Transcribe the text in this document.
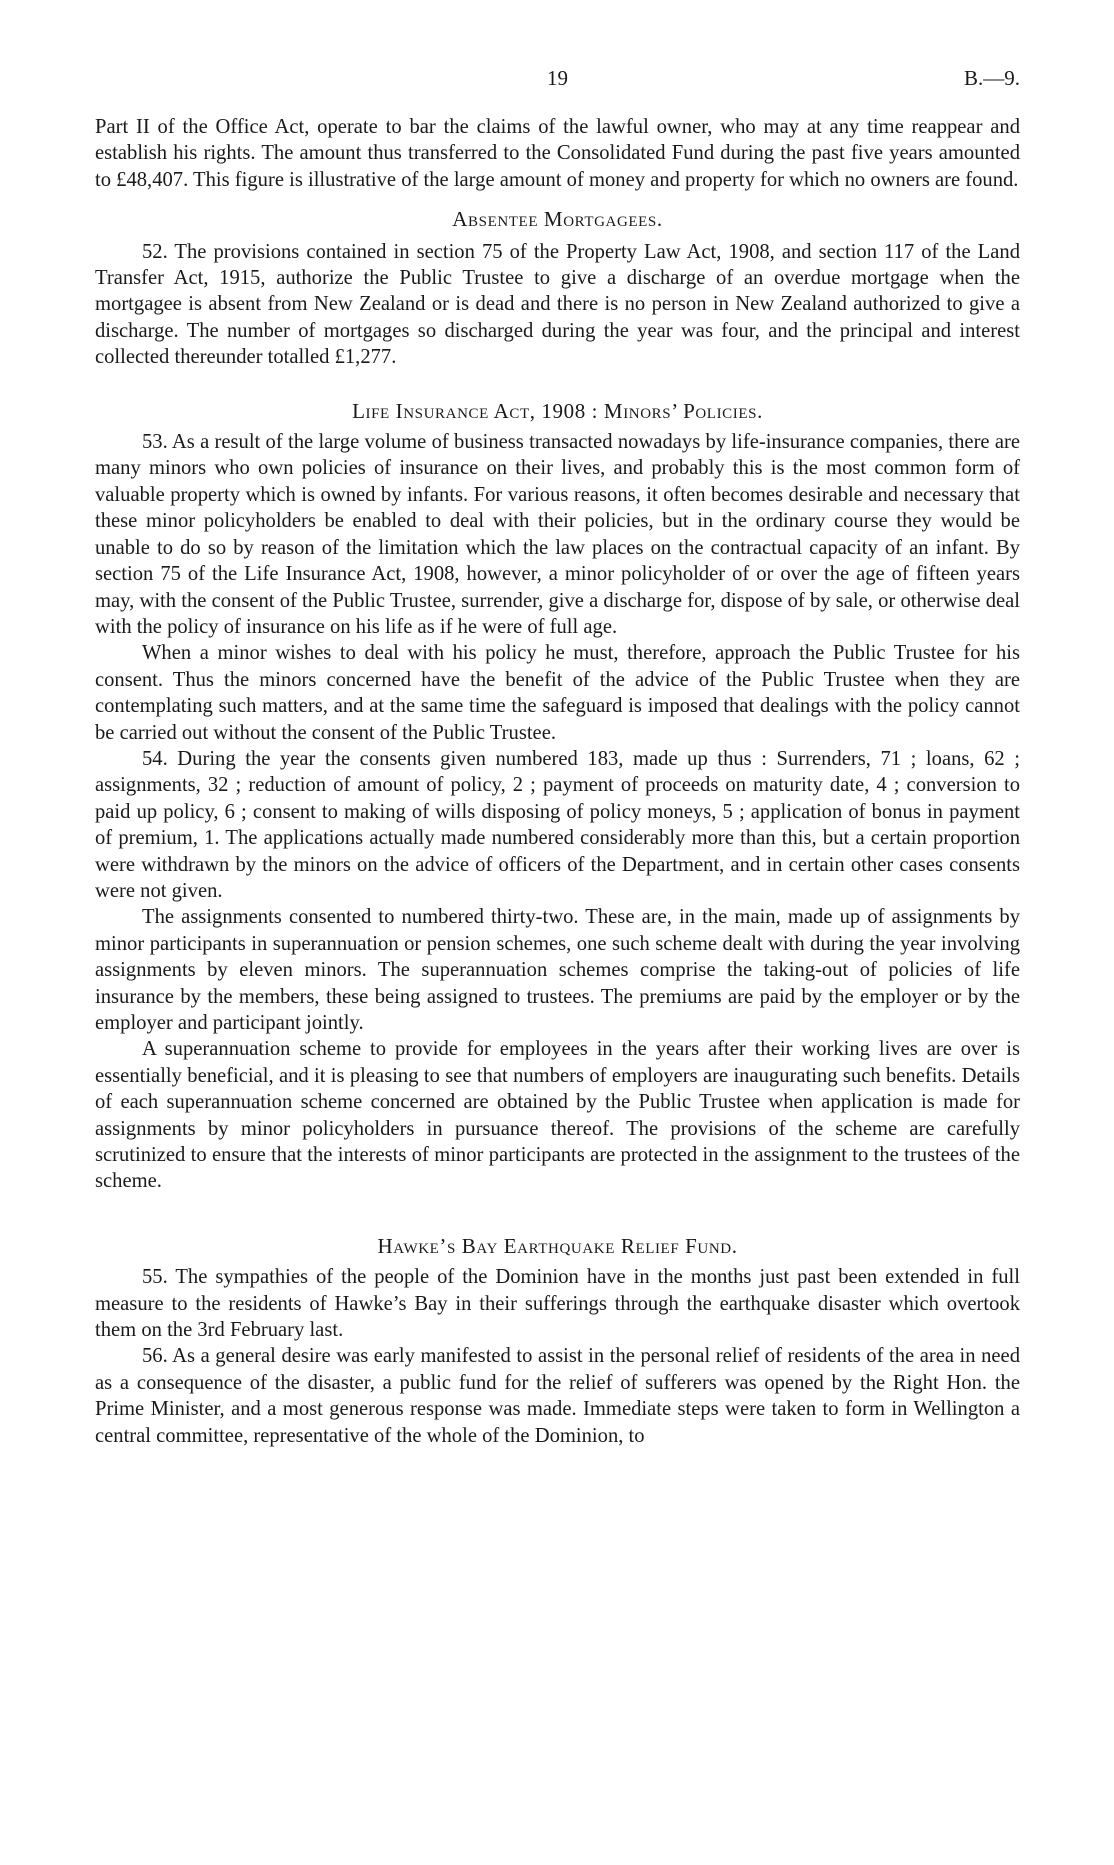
19	B.—9.

Part II of the Office Act, operate to bar the claims of the lawful owner, who may at any time reappear and establish his rights. The amount thus transferred to the Consolidated Fund during the past five years amounted to £48,407. This figure is illustrative of the large amount of money and property for which no owners are found.

Absentee Mortgagees.

52. The provisions contained in section 75 of the Property Law Act, 1908, and section 117 of the Land Transfer Act, 1915, authorize the Public Trustee to give a discharge of an overdue mortgage when the mortgagee is absent from New Zealand or is dead and there is no person in New Zealand authorized to give a discharge. The number of mortgages so discharged during the year was four, and the principal and interest collected thereunder totalled £1,277.

Life Insurance Act, 1908 : Minors’ Policies.

53. As a result of the large volume of business transacted nowadays by life-insurance companies, there are many minors who own policies of insurance on their lives, and probably this is the most common form of valuable property which is owned by infants. For various reasons, it often becomes desirable and necessary that these minor policyholders be enabled to deal with their policies, but in the ordinary course they would be unable to do so by reason of the limitation which the law places on the contractual capacity of an infant. By section 75 of the Life Insurance Act, 1908, however, a minor policyholder of or over the age of fifteen years may, with the consent of the Public Trustee, surrender, give a discharge for, dispose of by sale, or otherwise deal with the policy of insurance on his life as if he were of full age.

When a minor wishes to deal with his policy he must, therefore, approach the Public Trustee for his consent. Thus the minors concerned have the benefit of the advice of the Public Trustee when they are contemplating such matters, and at the same time the safeguard is imposed that dealings with the policy cannot be carried out without the consent of the Public Trustee.

54. During the year the consents given numbered 183, made up thus : Surrenders, 71 ; loans, 62 ; assignments, 32 ; reduction of amount of policy, 2 ; payment of proceeds on maturity date, 4 ; conversion to paid up policy, 6 ; consent to making of wills disposing of policy moneys, 5 ; application of bonus in payment of premium, 1. The applications actually made numbered considerably more than this, but a certain proportion were withdrawn by the minors on the advice of officers of the Department, and in certain other cases consents were not given.

The assignments consented to numbered thirty-two. These are, in the main, made up of assignments by minor participants in superannuation or pension schemes, one such scheme dealt with during the year involving assignments by eleven minors. The superannuation schemes comprise the taking-out of policies of life insurance by the members, these being assigned to trustees. The premiums are paid by the employer or by the employer and participant jointly.

A superannuation scheme to provide for employees in the years after their working lives are over is essentially beneficial, and it is pleasing to see that numbers of employers are inaugurating such benefits. Details of each superannuation scheme concerned are obtained by the Public Trustee when application is made for assignments by minor policyholders in pursuance thereof. The provisions of the scheme are carefully scrutinized to ensure that the interests of minor participants are protected in the assignment to the trustees of the scheme.

Hawke’s Bay Earthquake Relief Fund.

55. The sympathies of the people of the Dominion have in the months just past been extended in full measure to the residents of Hawke’s Bay in their sufferings through the earthquake disaster which overtook them on the 3rd February last.

56. As a general desire was early manifested to assist in the personal relief of residents of the area in need as a consequence of the disaster, a public fund for the relief of sufferers was opened by the Right Hon. the Prime Minister, and a most generous response was made. Immediate steps were taken to form in Wellington a central committee, representative of the whole of the Dominion, to
